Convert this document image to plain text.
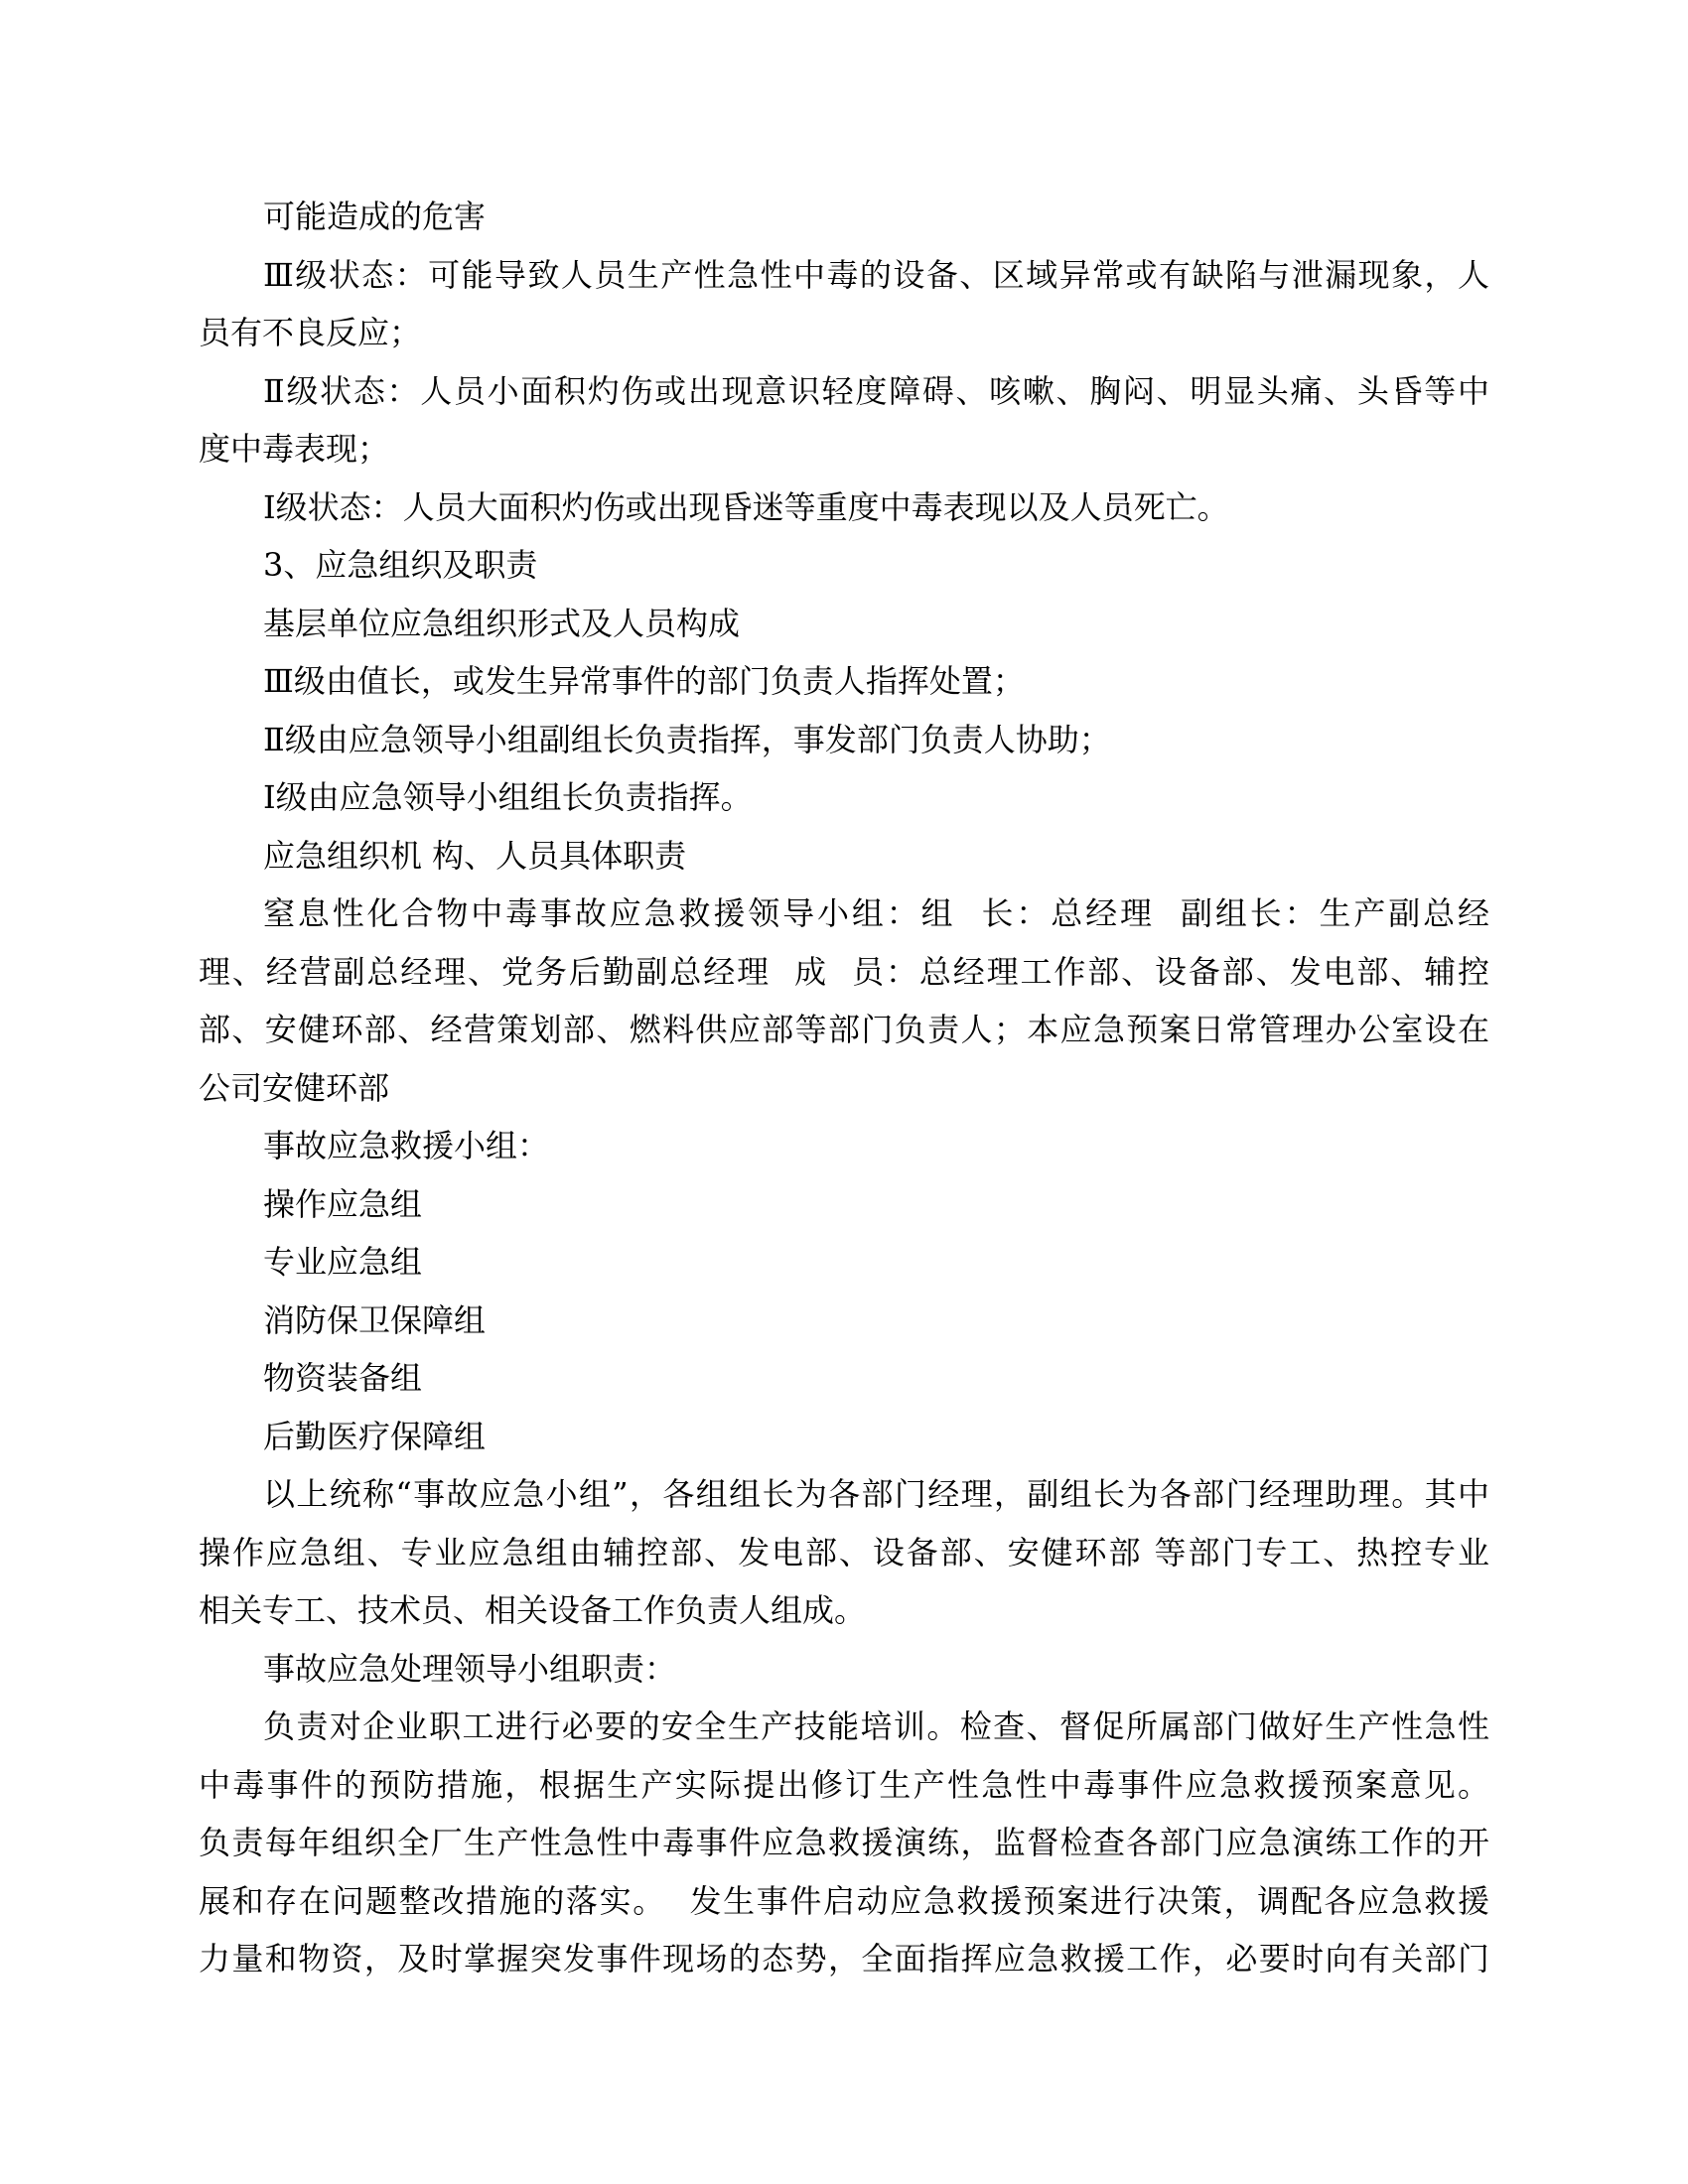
可能造成的危害
Ⅲ级状态：可能导致人员生产性急性中毒的设备、区域异常或有缺陷与泄漏现象，人
员有不良反应；
Ⅱ级状态：人员小面积灼伤或出现意识轻度障碍、咳嗽、胸闷、明显头痛、头昏等中
度中毒表现；
Ⅰ级状态：人员大面积灼伤或出现昏迷等重度中毒表现以及人员死亡。
3、应急组织及职责
基层单位应急组织形式及人员构成
Ⅲ级由值长，或发生异常事件的部门负责人指挥处置；
Ⅱ级由应急领导小组副组长负责指挥，事发部门负责人协助；
Ⅰ级由应急领导小组组长负责指挥。
应急组织机 构、人员具体职责
窒息性化合物中毒事故应急救援领导小组：组  长：总经理  副组长：生产副总经
理、经营副总经理、党务后勤副总经理  成  员：总经理工作部、设备部、发电部、辅控
部、安健环部、经营策划部、燃料供应部等部门负责人；本应急预案日常管理办公室设在
公司安健环部
事故应急救援小组：
操作应急组
专业应急组
消防保卫保障组
物资装备组
后勤医疗保障组
以上统称“事故应急小组”，各组组长为各部门经理，副组长为各部门经理助理。其中
操作应急组、专业应急组由辅控部、发电部、设备部、安健环部 等部门专工、热控专业
相关专工、技术员、相关设备工作负责人组成。
事故应急处理领导小组职责：
负责对企业职工进行必要的安全生产技能培训。检查、督促所属部门做好生产性急性
中毒事件的预防措施，根据生产实际提出修订生产性急性中毒事件应急救援预案意见。
负责每年组织全厂生产性急性中毒事件应急救援演练，监督检查各部门应急演练工作的开
展和存在问题整改措施的落实。  发生事件启动应急救援预案进行决策，调配各应急救援
力量和物资，及时掌握突发事件现场的态势，全面指挥应急救援工作，必要时向有关部门
